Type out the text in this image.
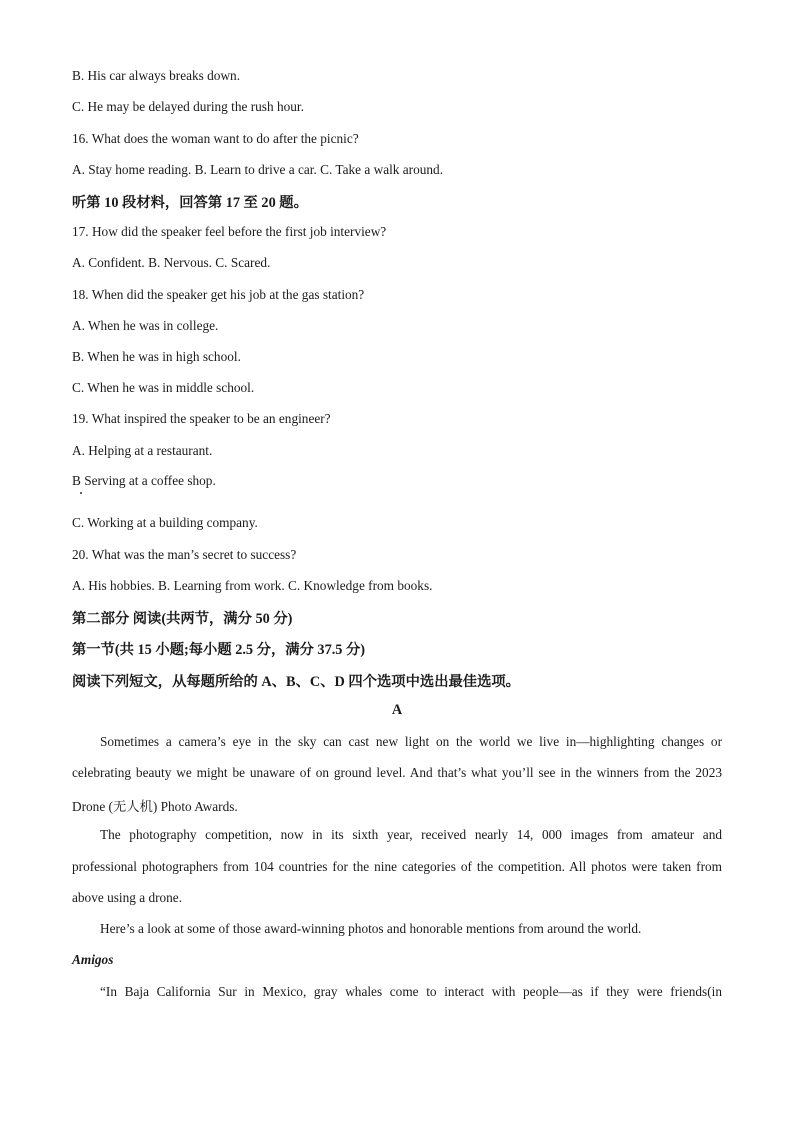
B. His car always breaks down.
C. He may be delayed during the rush hour.
16. What does the woman want to do after the picnic?
A. Stay home reading. B. Learn to drive a car. C. Take a walk around.
听第 10 段材料，回答第 17 至 20 题。
17. How did the speaker feel before the first job interview?
A. Confident. B. Nervous. C. Scared.
18. When did the speaker get his job at the gas station?
A. When he was in college.
B. When he was in high school.
C. When he was in middle school.
19. What inspired the speaker to be an engineer?
A. Helping at a restaurant.
B Serving at a coffee shop.
C. Working at a building company.
20. What was the man’s secret to success?
A. His hobbies. B. Learning from work. C. Knowledge from books.
第二部分 阅读(共两节，满分 50 分)
第一节(共 15 小题;每小题 2.5 分，满分 37.5 分)
阅读下列短文，从每题所给的 A、B、C、D 四个选项中选出最佳选项。
A
Sometimes a camera’s eye in the sky can cast new light on the world we live in—highlighting changes or
celebrating beauty we might be unaware of on ground level. And that’s what you’ll see in the winners from the 2023
Drone (无人机) Photo Awards.
The photography competition, now in its sixth year, received nearly 14, 000 images from amateur and
professional photographers from 104 countries for the nine categories of the competition. All photos were taken from
above using a drone.
Here’s a look at some of those award-winning photos and honorable mentions from around the world.
Amigos
“In Baja California Sur in Mexico, gray whales come to interact with people—as if they were friends(in
